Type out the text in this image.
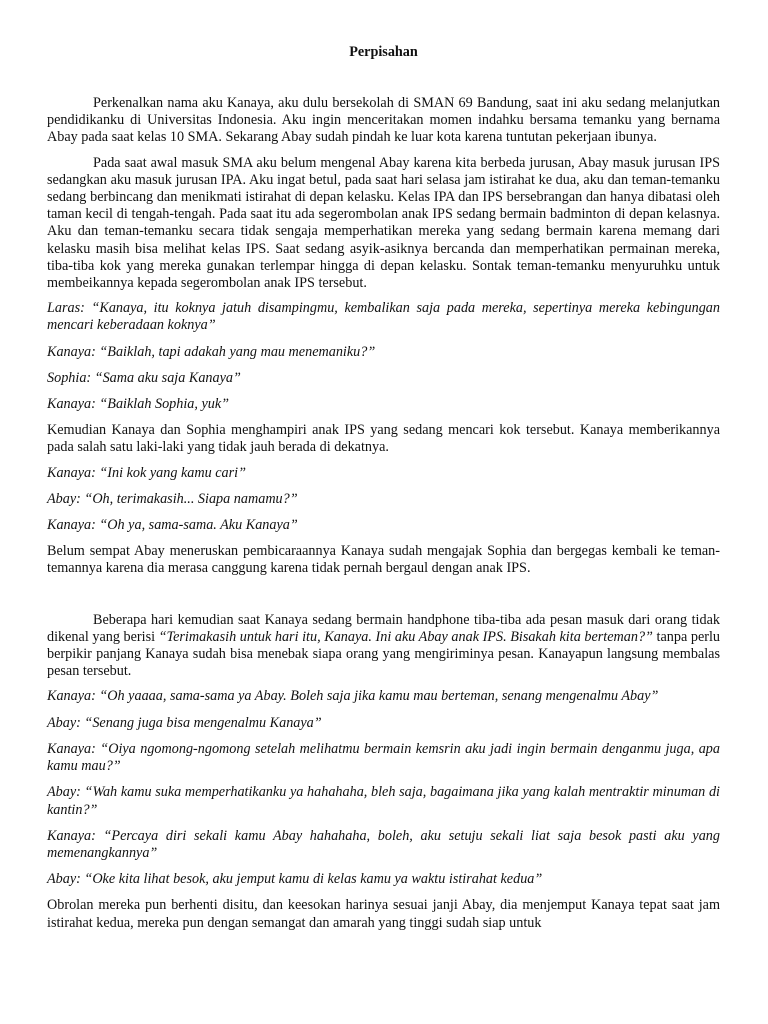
Perpisahan

Perkenalkan nama aku Kanaya, aku dulu bersekolah di SMAN 69 Bandung, saat ini aku sedang melanjutkan pendidikanku di Universitas Indonesia. Aku ingin menceritakan momen indahku bersama temanku yang bernama Abay pada saat kelas 10 SMA. Sekarang Abay sudah pindah ke luar kota karena tuntutan pekerjaan ibunya.

Pada saat awal masuk SMA aku belum mengenal Abay karena kita berbeda jurusan, Abay masuk jurusan IPS sedangkan aku masuk jurusan IPA. Aku ingat betul, pada saat hari selasa jam istirahat ke dua, aku dan teman-temanku sedang berbincang dan menikmati istirahat di depan kelasku. Kelas IPA dan IPS bersebrangan dan hanya dibatasi oleh taman kecil di tengah-tengah. Pada saat itu ada segerombolan anak IPS sedang bermain badminton di depan kelasnya. Aku dan teman-temanku secara tidak sengaja memperhatikan mereka yang sedang bermain karena memang dari kelasku masih bisa melihat kelas IPS. Saat sedang asyik-asiknya bercanda dan memperhatikan permainan mereka, tiba-tiba kok yang mereka gunakan terlempar hingga di depan kelasku. Sontak teman-temanku menyuruhku untuk membeikannya kepada segerombolan anak IPS tersebut.

Laras: “Kanaya, itu koknya jatuh disampingmu, kembalikan saja pada mereka, sepertinya mereka kebingungan mencari keberadaan koknya”

Kanaya: “Baiklah, tapi adakah yang mau menemaniku?”

Sophia: “Sama aku saja Kanaya”

Kanaya: “Baiklah Sophia, yuk”

Kemudian Kanaya dan Sophia menghampiri anak IPS yang sedang mencari kok tersebut. Kanaya memberikannya pada salah satu laki-laki yang tidak jauh berada di dekatnya.

Kanaya: “Ini kok yang kamu cari”

Abay: “Oh, terimakasih... Siapa namamu?”

Kanaya: “Oh ya, sama-sama. Aku Kanaya”

Belum sempat Abay meneruskan pembicaraannya Kanaya sudah mengajak Sophia dan bergegas kembali ke teman-temannya karena dia merasa canggung karena tidak pernah bergaul dengan anak IPS.

Beberapa hari kemudian saat Kanaya sedang bermain handphone tiba-tiba ada pesan masuk dari orang tidak dikenal yang berisi “Terimakasih untuk hari itu, Kanaya. Ini aku Abay anak IPS. Bisakah kita berteman?” tanpa perlu berpikir panjang Kanaya sudah bisa menebak siapa orang yang mengiriminya pesan. Kanayapun langsung membalas pesan tersebut.

Kanaya: “Oh yaaaa, sama-sama ya Abay. Boleh saja jika kamu mau berteman, senang mengenalmu Abay”

Abay: “Senang juga bisa mengenalmu Kanaya”

Kanaya: “Oiya ngomong-ngomong setelah melihatmu bermain kemsrin aku jadi ingin bermain denganmu juga, apa kamu mau?”

Abay: “Wah kamu suka memperhatikanku ya hahahaha, bleh saja, bagaimana jika yang kalah mentraktir minuman di kantin?”

Kanaya: “Percaya diri sekali kamu Abay hahahaha, boleh, aku setuju sekali liat saja besok pasti aku yang memenangkannya”

Abay: “Oke kita lihat besok, aku jemput kamu di kelas kamu ya waktu istirahat kedua”

Obrolan mereka pun berhenti disitu, dan keesokan harinya sesuai janji Abay, dia menjemput Kanaya tepat saat jam istirahat kedua, mereka pun dengan semangat dan amarah yang tinggi sudah siap untuk
